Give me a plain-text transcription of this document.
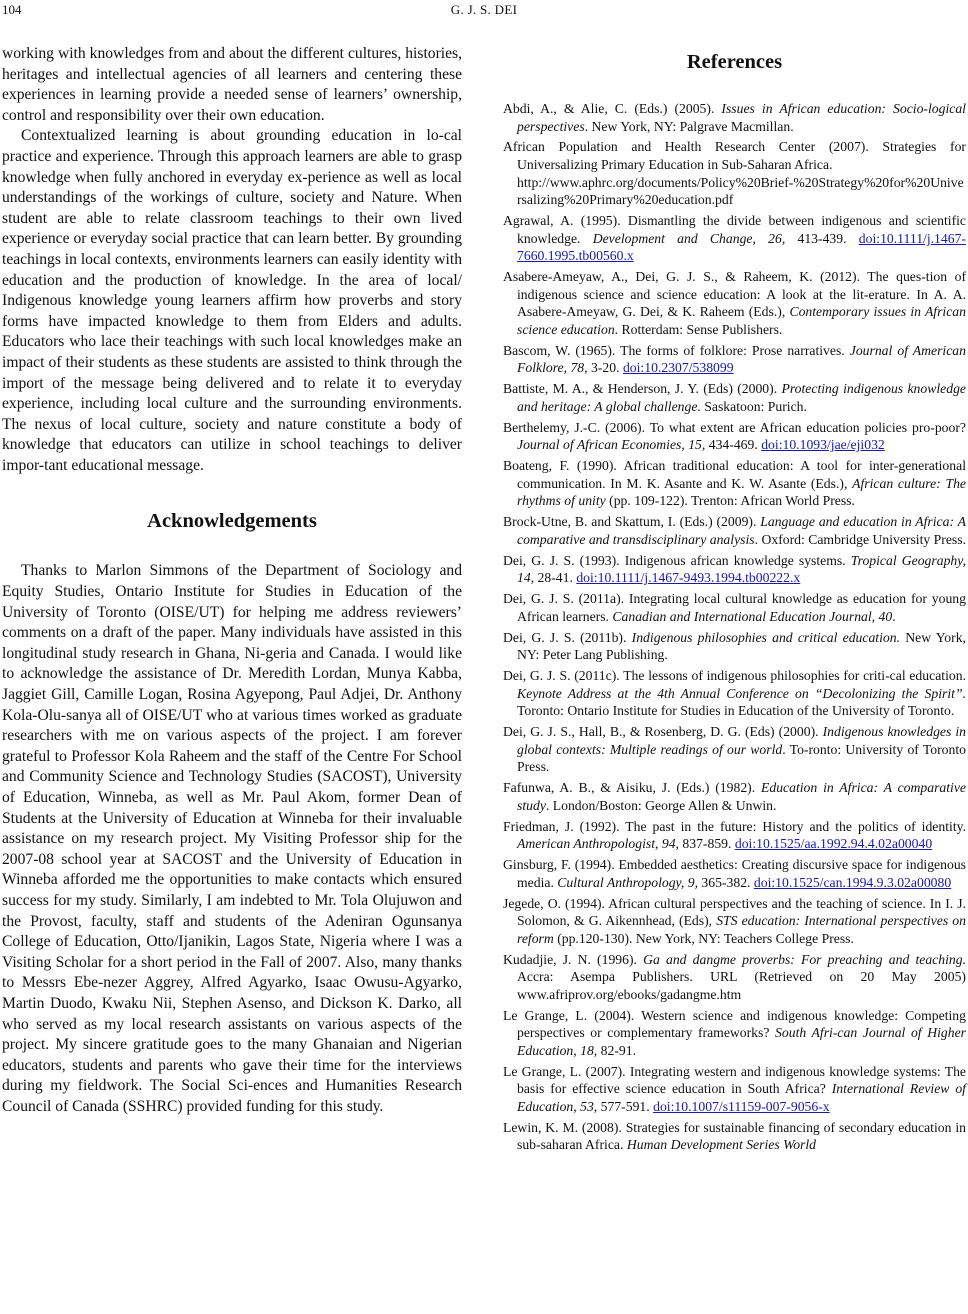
104	G. J. S. DEI

working with knowledges from and about the different cultures, histories, heritages and intellectual agencies of all learners and centering these experiences in learning provide a needed sense of learners’ ownership, control and responsibility over their own education.

Contextualized learning is about grounding education in lo-cal practice and experience. Through this approach learners are able to grasp knowledge when fully anchored in everyday ex-perience as well as local understandings of the workings of culture, society and Nature. When student are able to relate classroom teachings to their own lived experience or everyday social practice that can learn better. By grounding teachings in local contexts, environments learners can easily identity with education and the production of knowledge. In the area of local/ Indigenous knowledge young learners affirm how proverbs and story forms have impacted knowledge to them from Elders and adults. Educators who lace their teachings with such local knowledges make an impact of their students as these students are assisted to think through the import of the message being delivered and to relate it to everyday experience, including local culture and the surrounding environments. The nexus of local culture, society and nature constitute a body of knowledge that educators can utilize in school teachings to deliver impor-tant educational message.

Acknowledgements

Thanks to Marlon Simmons of the Department of Sociology and Equity Studies, Ontario Institute for Studies in Education of the University of Toronto (OISE/UT) for helping me address reviewers’ comments on a draft of the paper. Many individuals have assisted in this longitudinal study research in Ghana, Ni-geria and Canada. I would like to acknowledge the assistance of Dr. Meredith Lordan, Munya Kabba, Jaggiet Gill, Camille Logan, Rosina Agyepong, Paul Adjei, Dr. Anthony Kola-Olu-sanya all of OISE/UT who at various times worked as graduate researchers with me on various aspects of the project. I am forever grateful to Professor Kola Raheem and the staff of the Centre For School and Community Science and Technology Studies (SACOST), University of Education, Winneba, as well as Mr. Paul Akom, former Dean of Students at the University of Education at Winneba for their invaluable assistance on my research project. My Visiting Professor ship for the 2007-08 school year at SACOST and the University of Education in Winneba afforded me the opportunities to make contacts which ensured success for my study. Similarly, I am indebted to Mr. Tola Olujuwon and the Provost, faculty, staff and students of the Adeniran Ogunsanya College of Education, Otto/Ijanikin, Lagos State, Nigeria where I was a Visiting Scholar for a short period in the Fall of 2007. Also, many thanks to Messrs Ebe-nezer Aggrey, Alfred Agyarko, Isaac Owusu-Agyarko, Martin Duodo, Kwaku Nii, Stephen Asenso, and Dickson K. Darko, all who served as my local research assistants on various aspects of the project. My sincere gratitude goes to the many Ghanaian and Nigerian educators, students and parents who gave their time for the interviews during my fieldwork. The Social Sci-ences and Humanities Research Council of Canada (SSHRC) provided funding for this study.

References

Abdi, A., & Alie, C. (Eds.) (2005). Issues in African education: Socio-logical perspectives. New York, NY: Palgrave Macmillan.

African Population and Health Research Center (2007). Strategies for Universalizing Primary Education in Sub-Saharan Africa.
http://www.aphrc.org/documents/Policy%20Brief-%20Strategy%20for%20Universalizing%20Primary%20education.pdf

Agrawal, A. (1995). Dismantling the divide between indigenous and scientific knowledge. Development and Change, 26, 413-439. doi:10.1111/j.1467-7660.1995.tb00560.x

Asabere-Ameyaw, A., Dei, G. J. S., & Raheem, K. (2012). The ques-tion of indigenous science and science education: A look at the lit-erature. In A. A. Asabere-Ameyaw, G. Dei, & K. Raheem (Eds.), Contemporary issues in African science education. Rotterdam: Sense Publishers.

Bascom, W. (1965). The forms of folklore: Prose narratives. Journal of American Folklore, 78, 3-20. doi:10.2307/538099

Battiste, M. A., & Henderson, J. Y. (Eds) (2000). Protecting indigenous knowledge and heritage: A global challenge. Saskatoon: Purich.

Berthelemy, J.-C. (2006). To what extent are African education policies pro-poor? Journal of African Economies, 15, 434-469. doi:10.1093/jae/eji032

Boateng, F. (1990). African traditional education: A tool for inter-generational communication. In M. K. Asante and K. W. Asante (Eds.), African culture: The rhythms of unity (pp. 109-122). Trenton: African World Press.

Brock-Utne, B. and Skattum, I. (Eds.) (2009). Language and education in Africa: A comparative and transdisciplinary analysis. Oxford: Cambridge University Press.

Dei, G. J. S. (1993). Indigenous african knowledge systems. Tropical Geography, 14, 28-41. doi:10.1111/j.1467-9493.1994.tb00222.x

Dei, G. J. S. (2011a). Integrating local cultural knowledge as education for young African learners. Canadian and International Education Journal, 40.

Dei, G. J. S. (2011b). Indigenous philosophies and critical education. New York, NY: Peter Lang Publishing.

Dei, G. J. S. (2011c). The lessons of indigenous philosophies for criti-cal education. Keynote Address at the 4th Annual Conference on “Decolonizing the Spirit”. Toronto: Ontario Institute for Studies in Education of the University of Toronto.

Dei, G. J. S., Hall, B., & Rosenberg, D. G. (Eds) (2000). Indigenous knowledges in global contexts: Multiple readings of our world. To-ronto: University of Toronto Press.

Fafunwa, A. B., & Aisiku, J. (Eds.) (1982). Education in Africa: A comparative study. London/Boston: George Allen & Unwin.

Friedman, J. (1992). The past in the future: History and the politics of identity. American Anthropologist, 94, 837-859. doi:10.1525/aa.1992.94.4.02a00040

Ginsburg, F. (1994). Embedded aesthetics: Creating discursive space for indigenous media. Cultural Anthropology, 9, 365-382. doi:10.1525/can.1994.9.3.02a00080

Jegede, O. (1994). African cultural perspectives and the teaching of science. In I. J. Solomon, & G. Aikennhead, (Eds), STS education: International perspectives on reform (pp.120-130). New York, NY: Teachers College Press.

Kudadjie, J. N. (1996). Ga and dangme proverbs: For preaching and teaching. Accra: Asempa Publishers. URL (Retrieved on 20 May 2005) www.afriprov.org/ebooks/gadangme.htm

Le Grange, L. (2004). Western science and indigenous knowledge: Competing perspectives or complementary frameworks? South Afri-can Journal of Higher Education, 18, 82-91.

Le Grange, L. (2007). Integrating western and indigenous knowledge systems: The basis for effective science education in South Africa? International Review of Education, 53, 577-591. doi:10.1007/s11159-007-9056-x

Lewin, K. M. (2008). Strategies for sustainable financing of secondary education in sub-saharan Africa. Human Development Series World
